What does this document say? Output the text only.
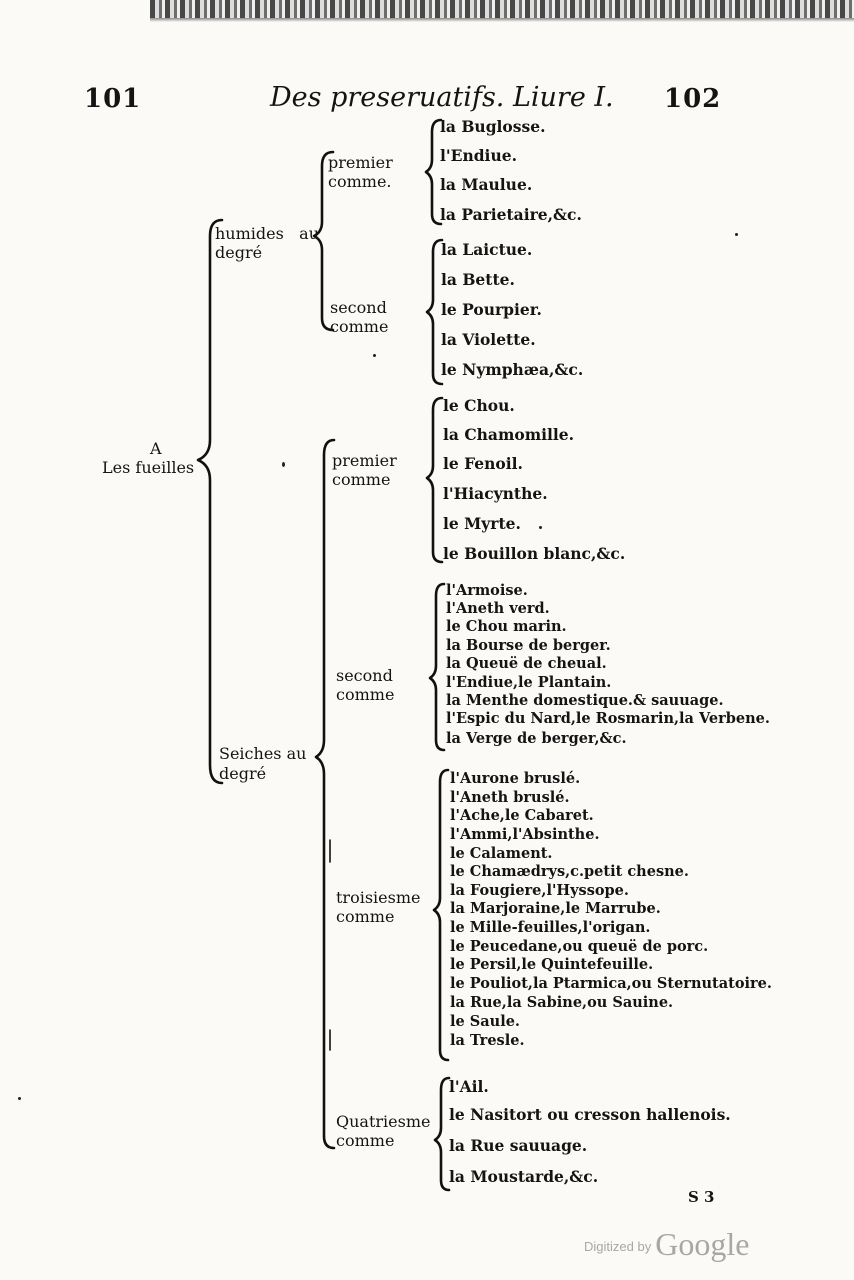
101	Des preseruatifs. Liure I. 102
A
Les fueilles
humides au degré
Seiches au degré
premier comme.
second comme
premier comme
second comme
troisiesme comme
Quatriesme comme
la Buglosse.
l'Endiue.
la Maulue.
la Parietaire,&c.
la Laictue.
la Bette.
le Pourpier.
la Violette.
le Nymphæa,&c.
le Chou.
la Chamomille.
le Fenoil.
l'Hiacynthe.
le Myrte.
le Bouillon blanc,&c.
l'Armoise.
l'Aneth verd.
le Chou marin.
la Bourse de berger.
la Queuë de cheual.
l'Endiue,le Plantain.
la Menthe domestique.& sauuage.
l'Espic du Nard,le Rosmarin,la Verbene.
la Verge de berger,&c.
l'Aurone bruslé.
l'Aneth bruslé.
l'Ache,le Cabaret.
l'Ammi,l'Absinthe.
le Calament.
le Chamædrys,c.petit chesne.
la Fougiere,l'Hyssope.
la Marjoraine,le Marrube.
le Mille-feuilles,l'origan.
le Peucedane,ou queuë de porc.
le Persil,le Quintefeuille.
le Pouliot,la Ptarmica,ou Sternutatoire.
la Rue,la Sabine,ou Sauine.
le Saule.
la Tresle.
l'Ail.
le Nasitort ou cresson hallenois.
la Rue sauuage.
la Moustarde,&c.
S 3
$^{Digitized by}$ Google
